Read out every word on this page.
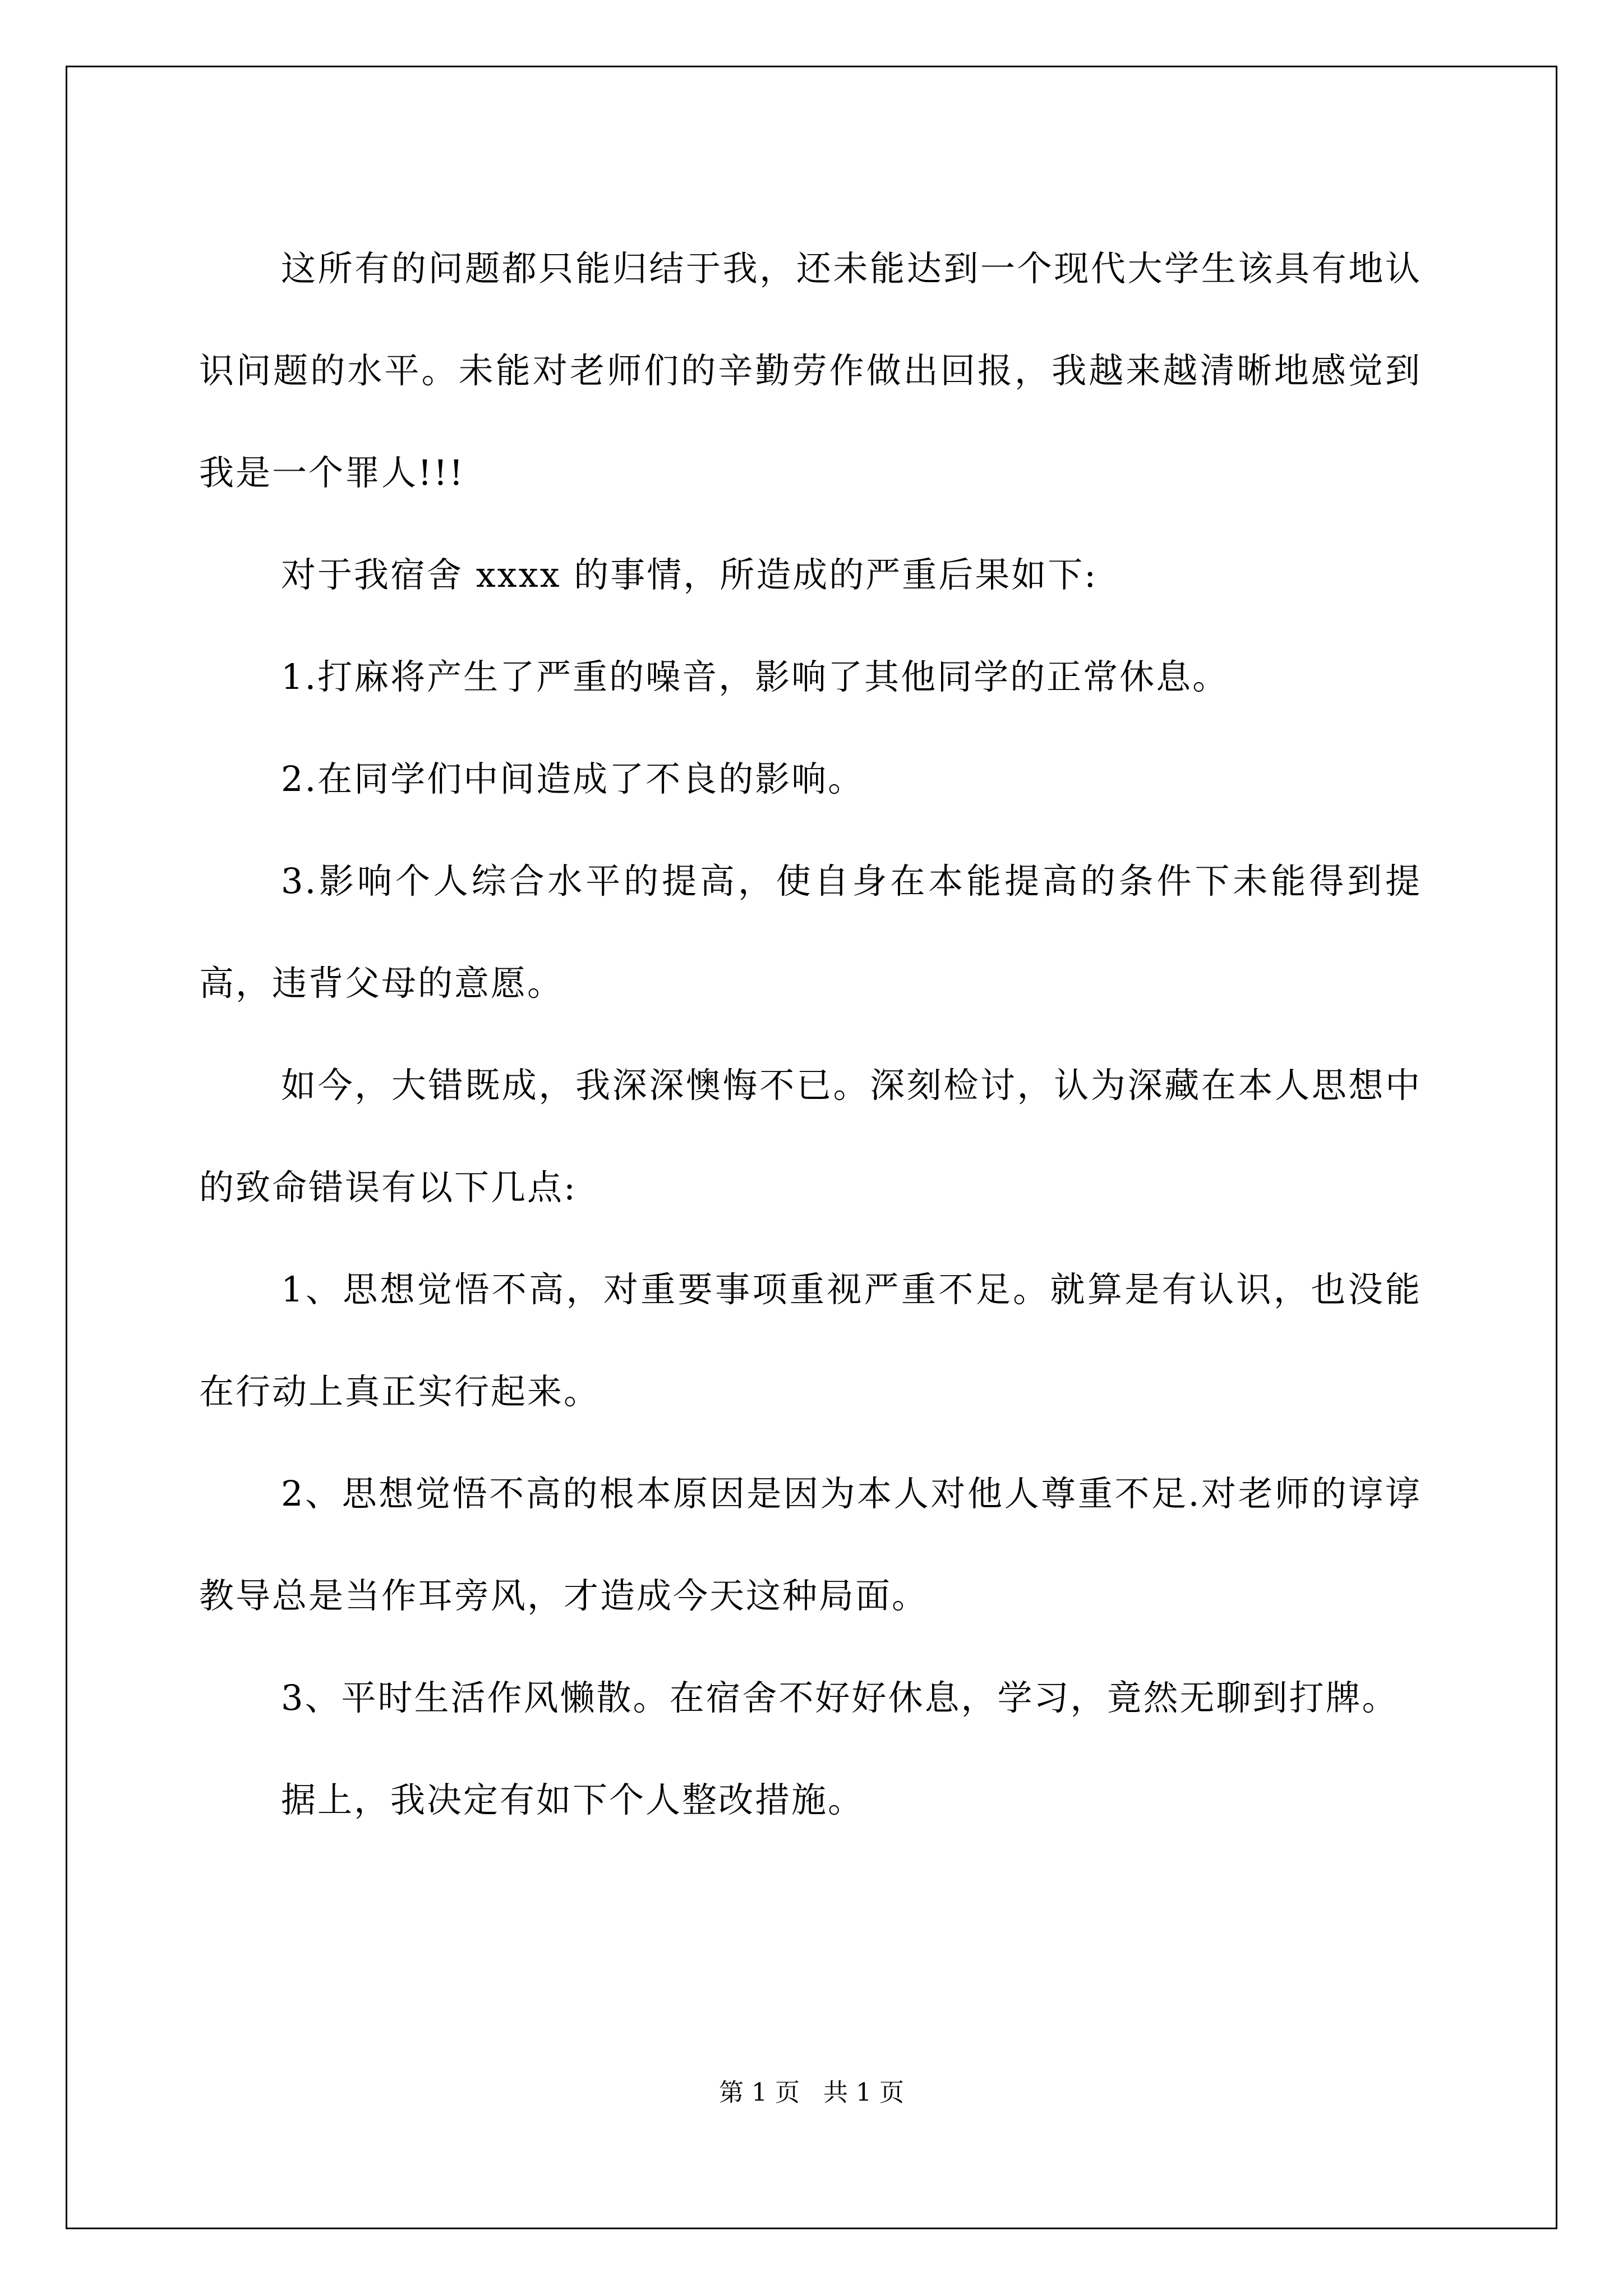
这所有的问题都只能归结于我，还未能达到一个现代大学生该具有地认识问题的水平。未能对老师们的辛勤劳作做出回报，我越来越清晰地感觉到我是一个罪人!!!

对于我宿舍 xxxx 的事情，所造成的严重后果如下:

1.打麻将产生了严重的噪音，影响了其他同学的正常休息。

2.在同学们中间造成了不良的影响。

3.影响个人综合水平的提高，使自身在本能提高的条件下未能得到提高，违背父母的意愿。

如今，大错既成，我深深懊悔不已。深刻检讨，认为深藏在本人思想中的致命错误有以下几点:

1、思想觉悟不高，对重要事项重视严重不足。就算是有认识，也没能在行动上真正实行起来。

2、思想觉悟不高的根本原因是因为本人对他人尊重不足.对老师的谆谆教导总是当作耳旁风，才造成今天这种局面。

3、平时生活作风懒散。在宿舍不好好休息，学习，竟然无聊到打牌。

据上，我决定有如下个人整改措施。

第 1 页   共 1 页
